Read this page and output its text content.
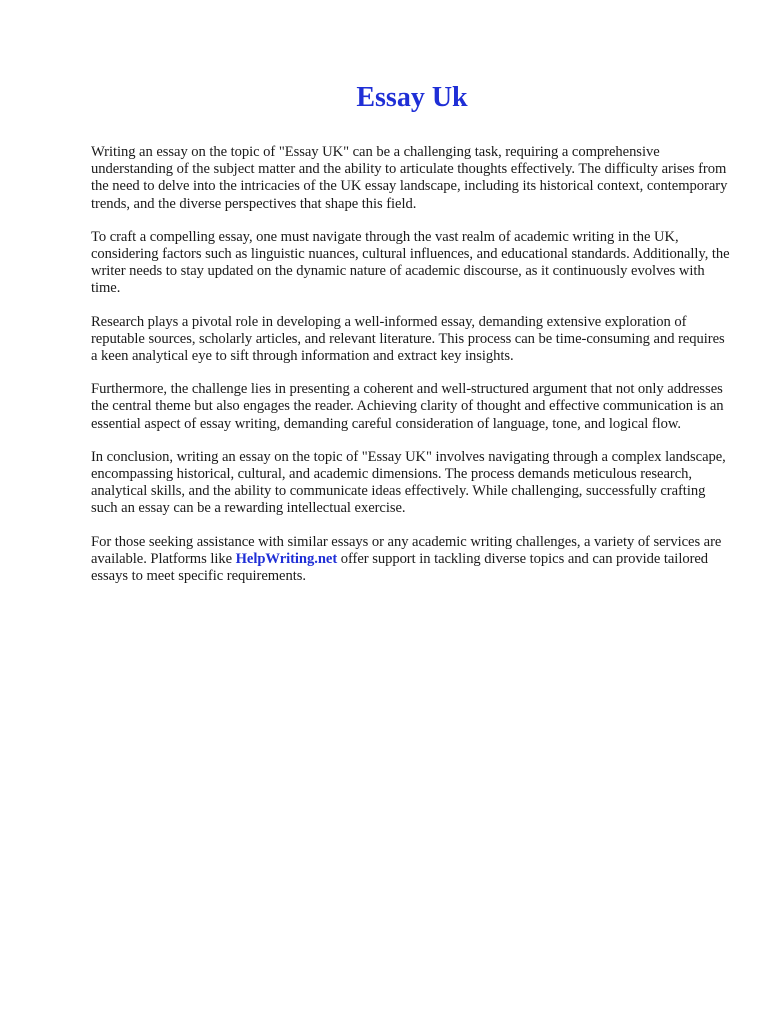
Essay Uk

Writing an essay on the topic of "Essay UK" can be a challenging task, requiring a comprehensive understanding of the subject matter and the ability to articulate thoughts effectively. The difficulty arises from the need to delve into the intricacies of the UK essay landscape, including its historical context, contemporary trends, and the diverse perspectives that shape this field.

To craft a compelling essay, one must navigate through the vast realm of academic writing in the UK, considering factors such as linguistic nuances, cultural influences, and educational standards. Additionally, the writer needs to stay updated on the dynamic nature of academic discourse, as it continuously evolves with time.

Research plays a pivotal role in developing a well-informed essay, demanding extensive exploration of reputable sources, scholarly articles, and relevant literature. This process can be time-consuming and requires a keen analytical eye to sift through information and extract key insights.

Furthermore, the challenge lies in presenting a coherent and well-structured argument that not only addresses the central theme but also engages the reader. Achieving clarity of thought and effective communication is an essential aspect of essay writing, demanding careful consideration of language, tone, and logical flow.

In conclusion, writing an essay on the topic of "Essay UK" involves navigating through a complex landscape, encompassing historical, cultural, and academic dimensions. The process demands meticulous research, analytical skills, and the ability to communicate ideas effectively. While challenging, successfully crafting such an essay can be a rewarding intellectual exercise.

For those seeking assistance with similar essays or any academic writing challenges, a variety of services are available. Platforms like HelpWriting.net offer support in tackling diverse topics and can provide tailored essays to meet specific requirements.
